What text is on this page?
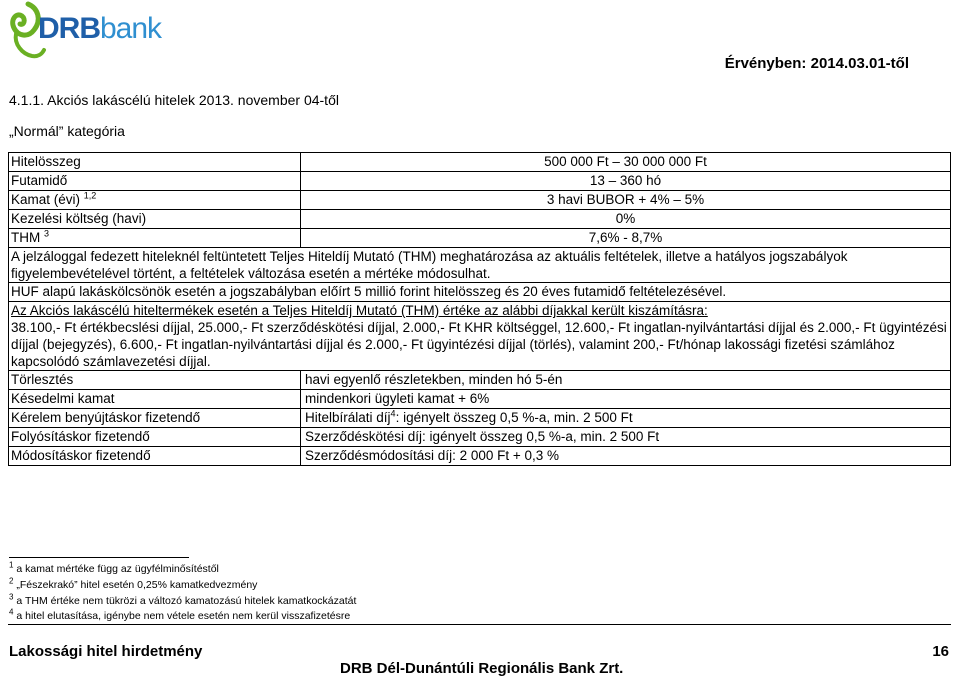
DRBbank
Érvényben: 2014.03.01-től
4.1.1. Akciós lakáscélú hitelek 2013. november 04-től
„Normál” kategória
Hitelösszeg	500 000 Ft – 30 000 000 Ft
Futamidő	13 – 360 hó
Kamat (évi) $^{1,2}$	3 havi BUBOR + 4% – 5%
Kezelési költség (havi)	0%
THM $^3$	7,6% - 8,7%
A jelzáloggal fedezett hiteleknél feltüntetett Teljes Hiteldíj Mutató (THM) meghatározása az aktuális feltételek, illetve a hatályos jogszabályok figyelembevételével történt, a feltételek változása esetén a mértéke módosulhat.	
HUF alapú lakáskölcsönök esetén a jogszabályban előírt 5 millió forint hitelösszeg és 20 éves futamidő feltételezésével.	

Az Akciós lakáscélú hiteltermékek esetén a Teljes Hiteldíj Mutató (THM) értéke az alábbi díjakkal került kiszámításra:
38.100,- Ft értékbecslési díjjal, 25.000,- Ft szerződéskötési díjjal, 2.000,- Ft KHR költséggel, 12.600,- Ft ingatlan-nyilvántartási díjjal és 2.000,- Ft ügyintézési díjjal (bejegyzés), 6.600,- Ft ingatlan-nyilvántartási díjjal és 2.000,- Ft ügyintézési díjjal (törlés), valamint 200,- Ft/hónap lakossági fizetési számlához kapcsolódó számlavezetési díjjal.	

Törlesztés	havi egyenlő részletekben, minden hó 5-én
Késedelmi kamat	mindenkori ügyleti kamat + 6%
Kérelem benyújtáskor fizetendő	Hitelbírálati díj$^4$: igényelt összeg 0,5 %-a, min. 2 500 Ft
Folyósításkor fizetendő	Szerződéskötési díj: igényelt összeg 0,5 %-a, min. 2 500 Ft
Módosításkor fizetendő	Szerződésmódosítási díj: 2 000 Ft + 0,3 %
$^1$ a kamat mértéke függ az ügyfélminősítéstől
$^2$ „Fészekrakó” hitel esetén 0,25% kamatkedvezmény
$^3$ a THM értéke nem tükrözi a változó kamatozású hitelek kamatkockázatát
$^4$ a hitel elutasítása, igénybe nem vétele esetén nem kerül visszafizetésre
Lakossági hitel hirdetmény	16
DRB Dél-Dunántúli Regionális Bank Zrt.
